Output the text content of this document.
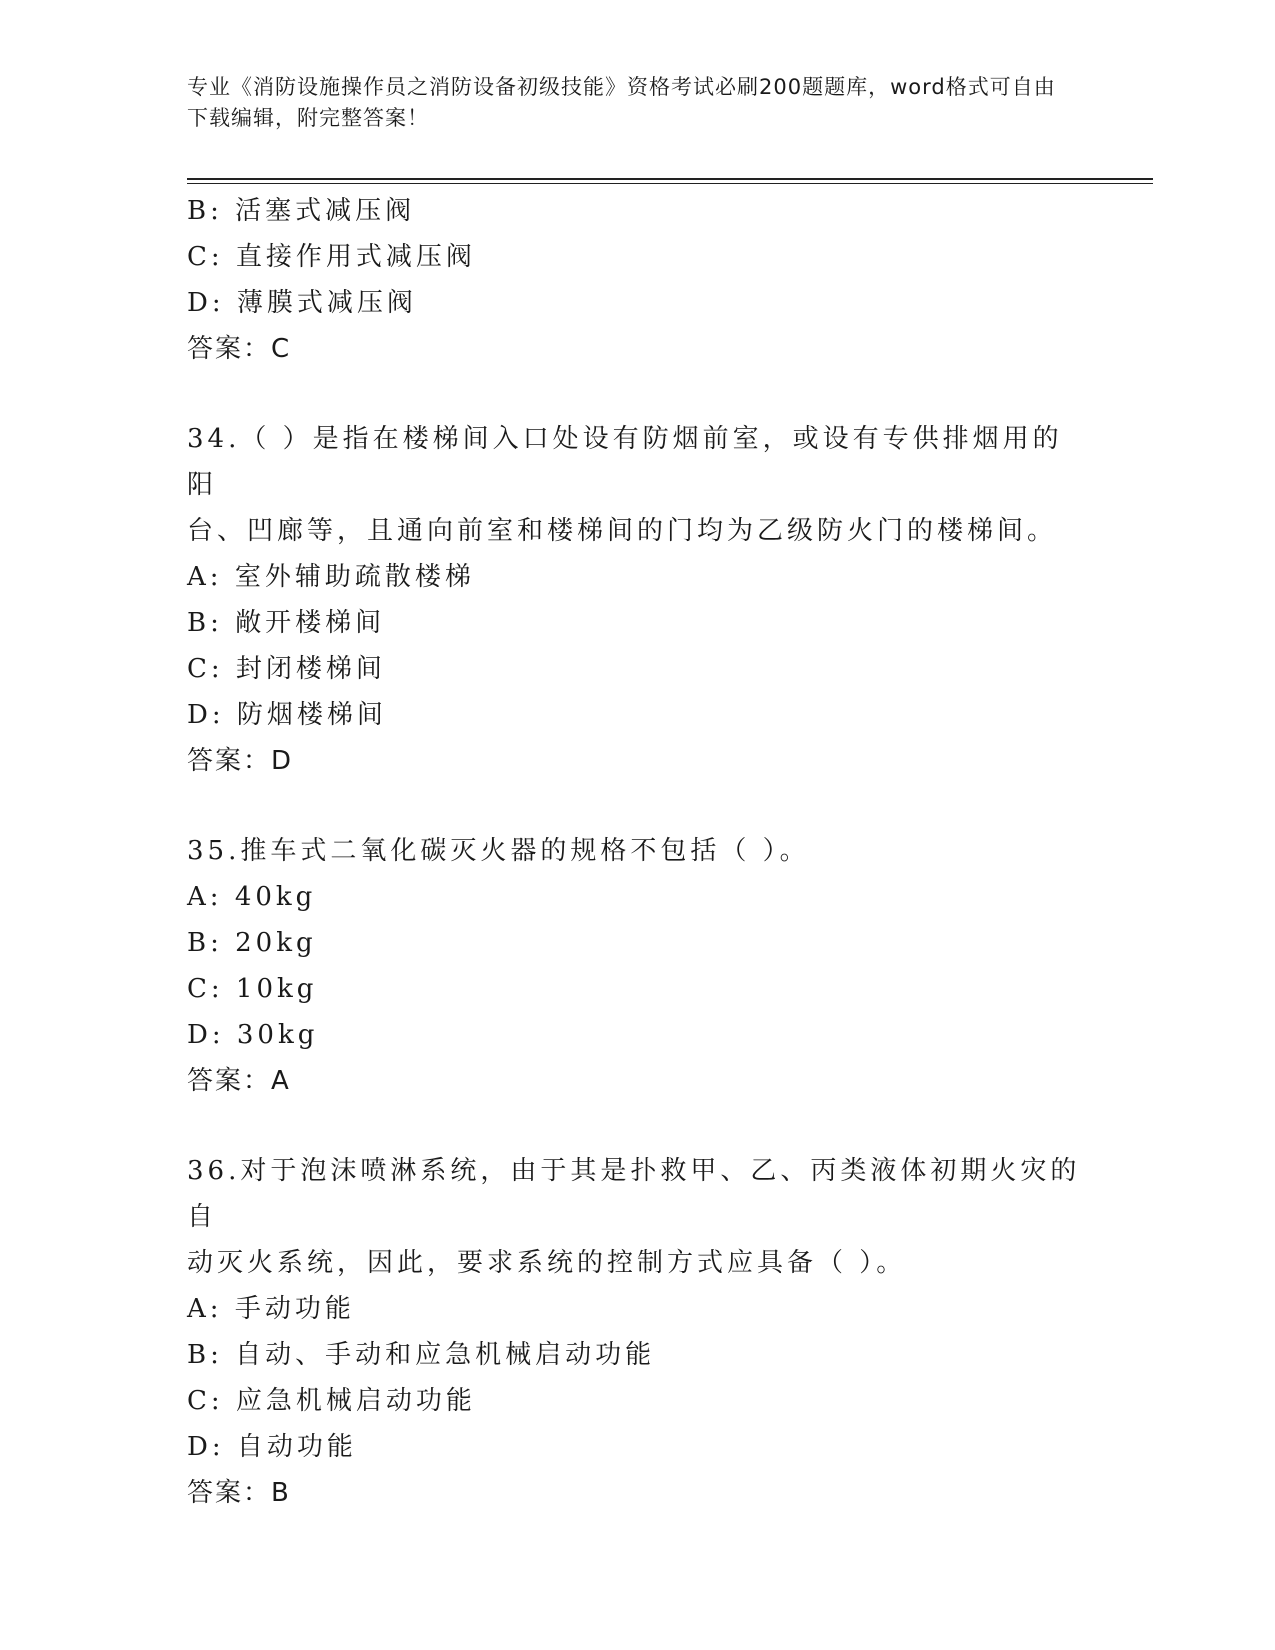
专业《消防设施操作员之消防设备初级技能》资格考试必刷200题题库，word格式可自由下载编辑，附完整答案！
B: 活塞式减压阀
C: 直接作用式减压阀
D: 薄膜式减压阀
答案：C
34.（ ）是指在楼梯间入口处设有防烟前室，或设有专供排烟用的阳
台、凹廊等，且通向前室和楼梯间的门均为乙级防火门的楼梯间。
A: 室外辅助疏散楼梯
B: 敞开楼梯间
C: 封闭楼梯间
D: 防烟楼梯间
答案：D
35.推车式二氧化碳灭火器的规格不包括（ ）。
A: 40kg
B: 20kg
C: 10kg
D: 30kg
答案：A
36.对于泡沫喷淋系统，由于其是扑救甲、乙、丙类液体初期火灾的自
动灭火系统，因此，要求系统的控制方式应具备（ ）。
A: 手动功能
B: 自动、手动和应急机械启动功能
C: 应急机械启动功能
D: 自动功能
答案：B
